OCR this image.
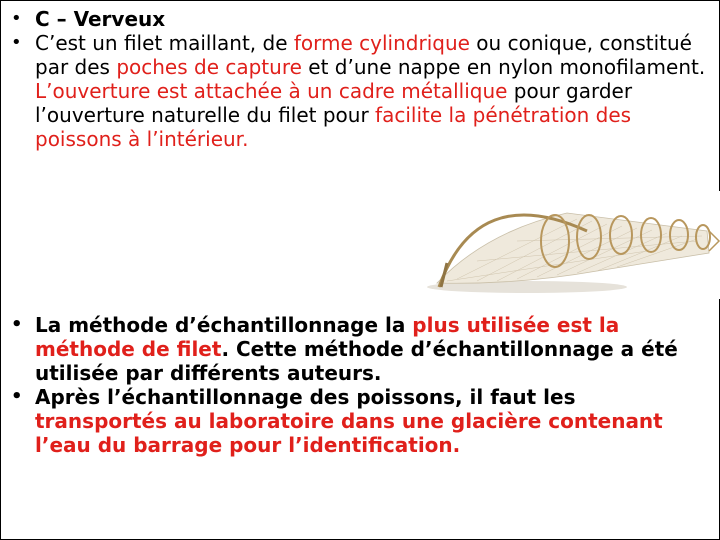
• C – Verveux
• C’est un filet maillant, de forme cylindrique ou conique, constitué par des poches de capture et d’une nappe en nylon monofilament. L’ouverture est attachée à un cadre métallique pour garder l’ouverture naturelle du filet pour facilite la pénétration des poissons à l’intérieur.
• La méthode d’échantillonnage la plus utilisée est la méthode de filet. Cette méthode d’échantillonnage a été utilisée par différents auteurs.
• Après l’échantillonnage des poissons, il faut les transportés au laboratoire dans une glacière contenant l’eau du barrage pour l’identification.
